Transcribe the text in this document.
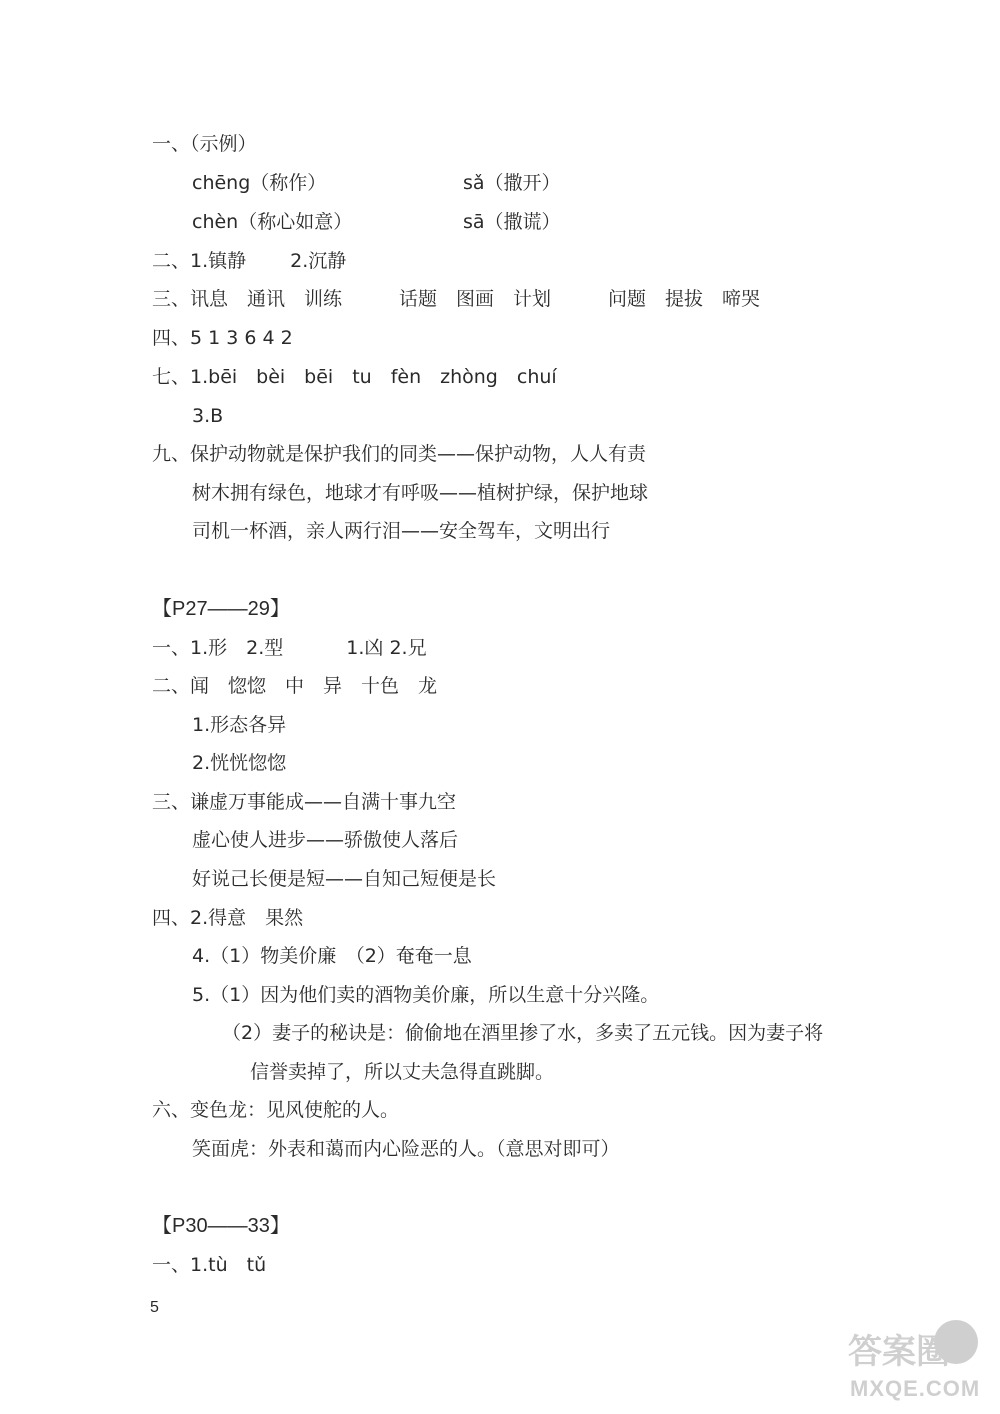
一、（示例）
chēng（称作）	sǎ（撒开）
chèn（称心如意）	sā（撒谎）
二、1.镇静　　 2.沉静
三、讯息　通讯　训练　　　话题　图画　计划　　　问题　提拔　啼哭
四、5 1 3 6 4 2
七、1.bēi　bèi　bēi　tu　fèn　zhòng　chuí
3.B
九、保护动物就是保护我们的同类——保护动物，人人有责
树木拥有绿色，地球才有呼吸——植树护绿，保护地球
司机一杯酒，亲人两行泪——安全驾车，文明出行
【P27——29】
一、1.形　2.型　　　 1.凶 2.兄
二、闻　惚惚　中　异　十色　龙
1.形态各异
2.恍恍惚惚
三、谦虚万事能成——自满十事九空
虚心使人进步——骄傲使人落后
好说己长便是短——自知己短便是长
四、2.得意　果然
4.（1）物美价廉　（2）奄奄一息
5.（1）因为他们卖的酒物美价廉，所以生意十分兴隆。
（2）妻子的秘诀是：偷偷地在酒里掺了水，多卖了五元钱。因为妻子将
信誉卖掉了，所以丈夫急得直跳脚。
六、变色龙：见风使舵的人。
笑面虎：外表和蔼而内心险恶的人。（意思对即可）
【P30——33】
一、1.tù　tǔ
5
答案圈
MXQE.COM
